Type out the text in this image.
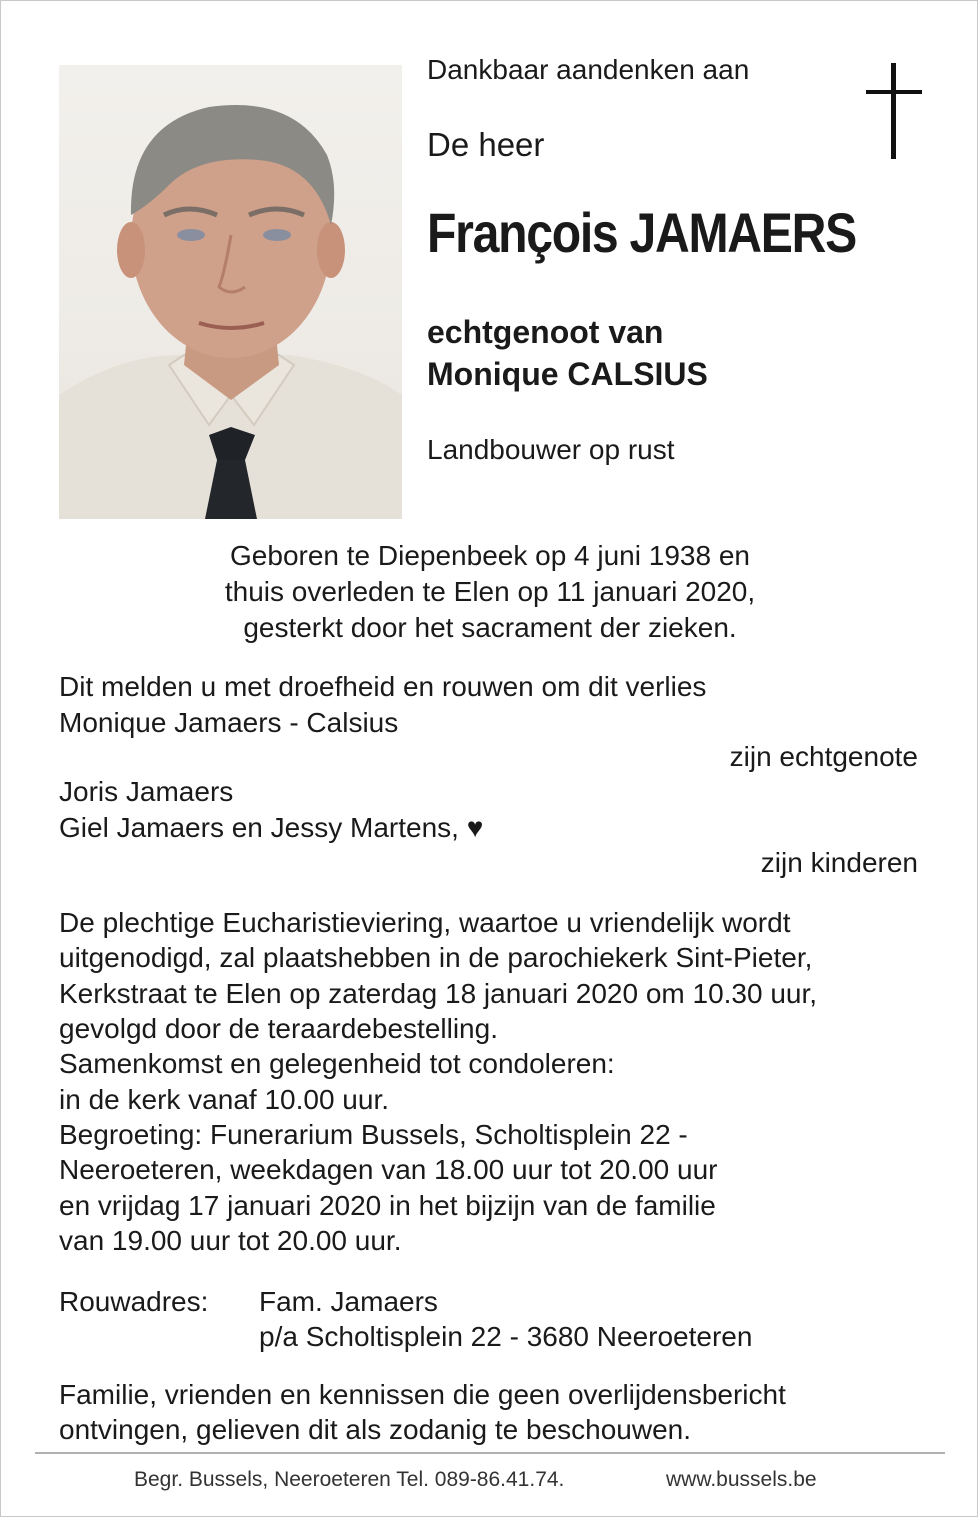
Dankbaar aandenken aan
De heer
François JAMAERS
echtgenoot van
Monique CALSIUS
Landbouwer op rust
Geboren te Diepenbeek op 4 juni 1938 en
thuis overleden te Elen op 11 januari 2020,
gesterkt door het sacrament der zieken.
Dit melden u met droefheid en rouwen om dit verlies
Monique Jamaers - Calsius
zijn echtgenote
Joris Jamaers
Giel Jamaers en Jessy Martens, ♥
zijn kinderen
De plechtige Eucharistieviering, waartoe u vriendelijk wordt
uitgenodigd, zal plaatshebben in de parochiekerk Sint-Pieter,
Kerkstraat te Elen op zaterdag 18 januari 2020 om 10.30 uur,
gevolgd door de teraardebestelling.
Samenkomst en gelegenheid tot condoleren:
in de kerk vanaf 10.00 uur.
Begroeting: Funerarium Bussels, Scholtisplein 22 -
Neeroeteren, weekdagen van 18.00 uur tot 20.00 uur
en vrijdag 17 januari 2020 in het bijzijn van de familie
van 19.00 uur tot 20.00 uur.
Rouwadres: Fam. Jamaers
p/a Scholtisplein 22 - 3680 Neeroeteren
Familie, vrienden en kennissen die geen overlijdensbericht
ontvingen, gelieven dit als zodanig te beschouwen.
Begr. Bussels, Neeroeteren Tel. 089-86.41.74.	www.bussels.be
